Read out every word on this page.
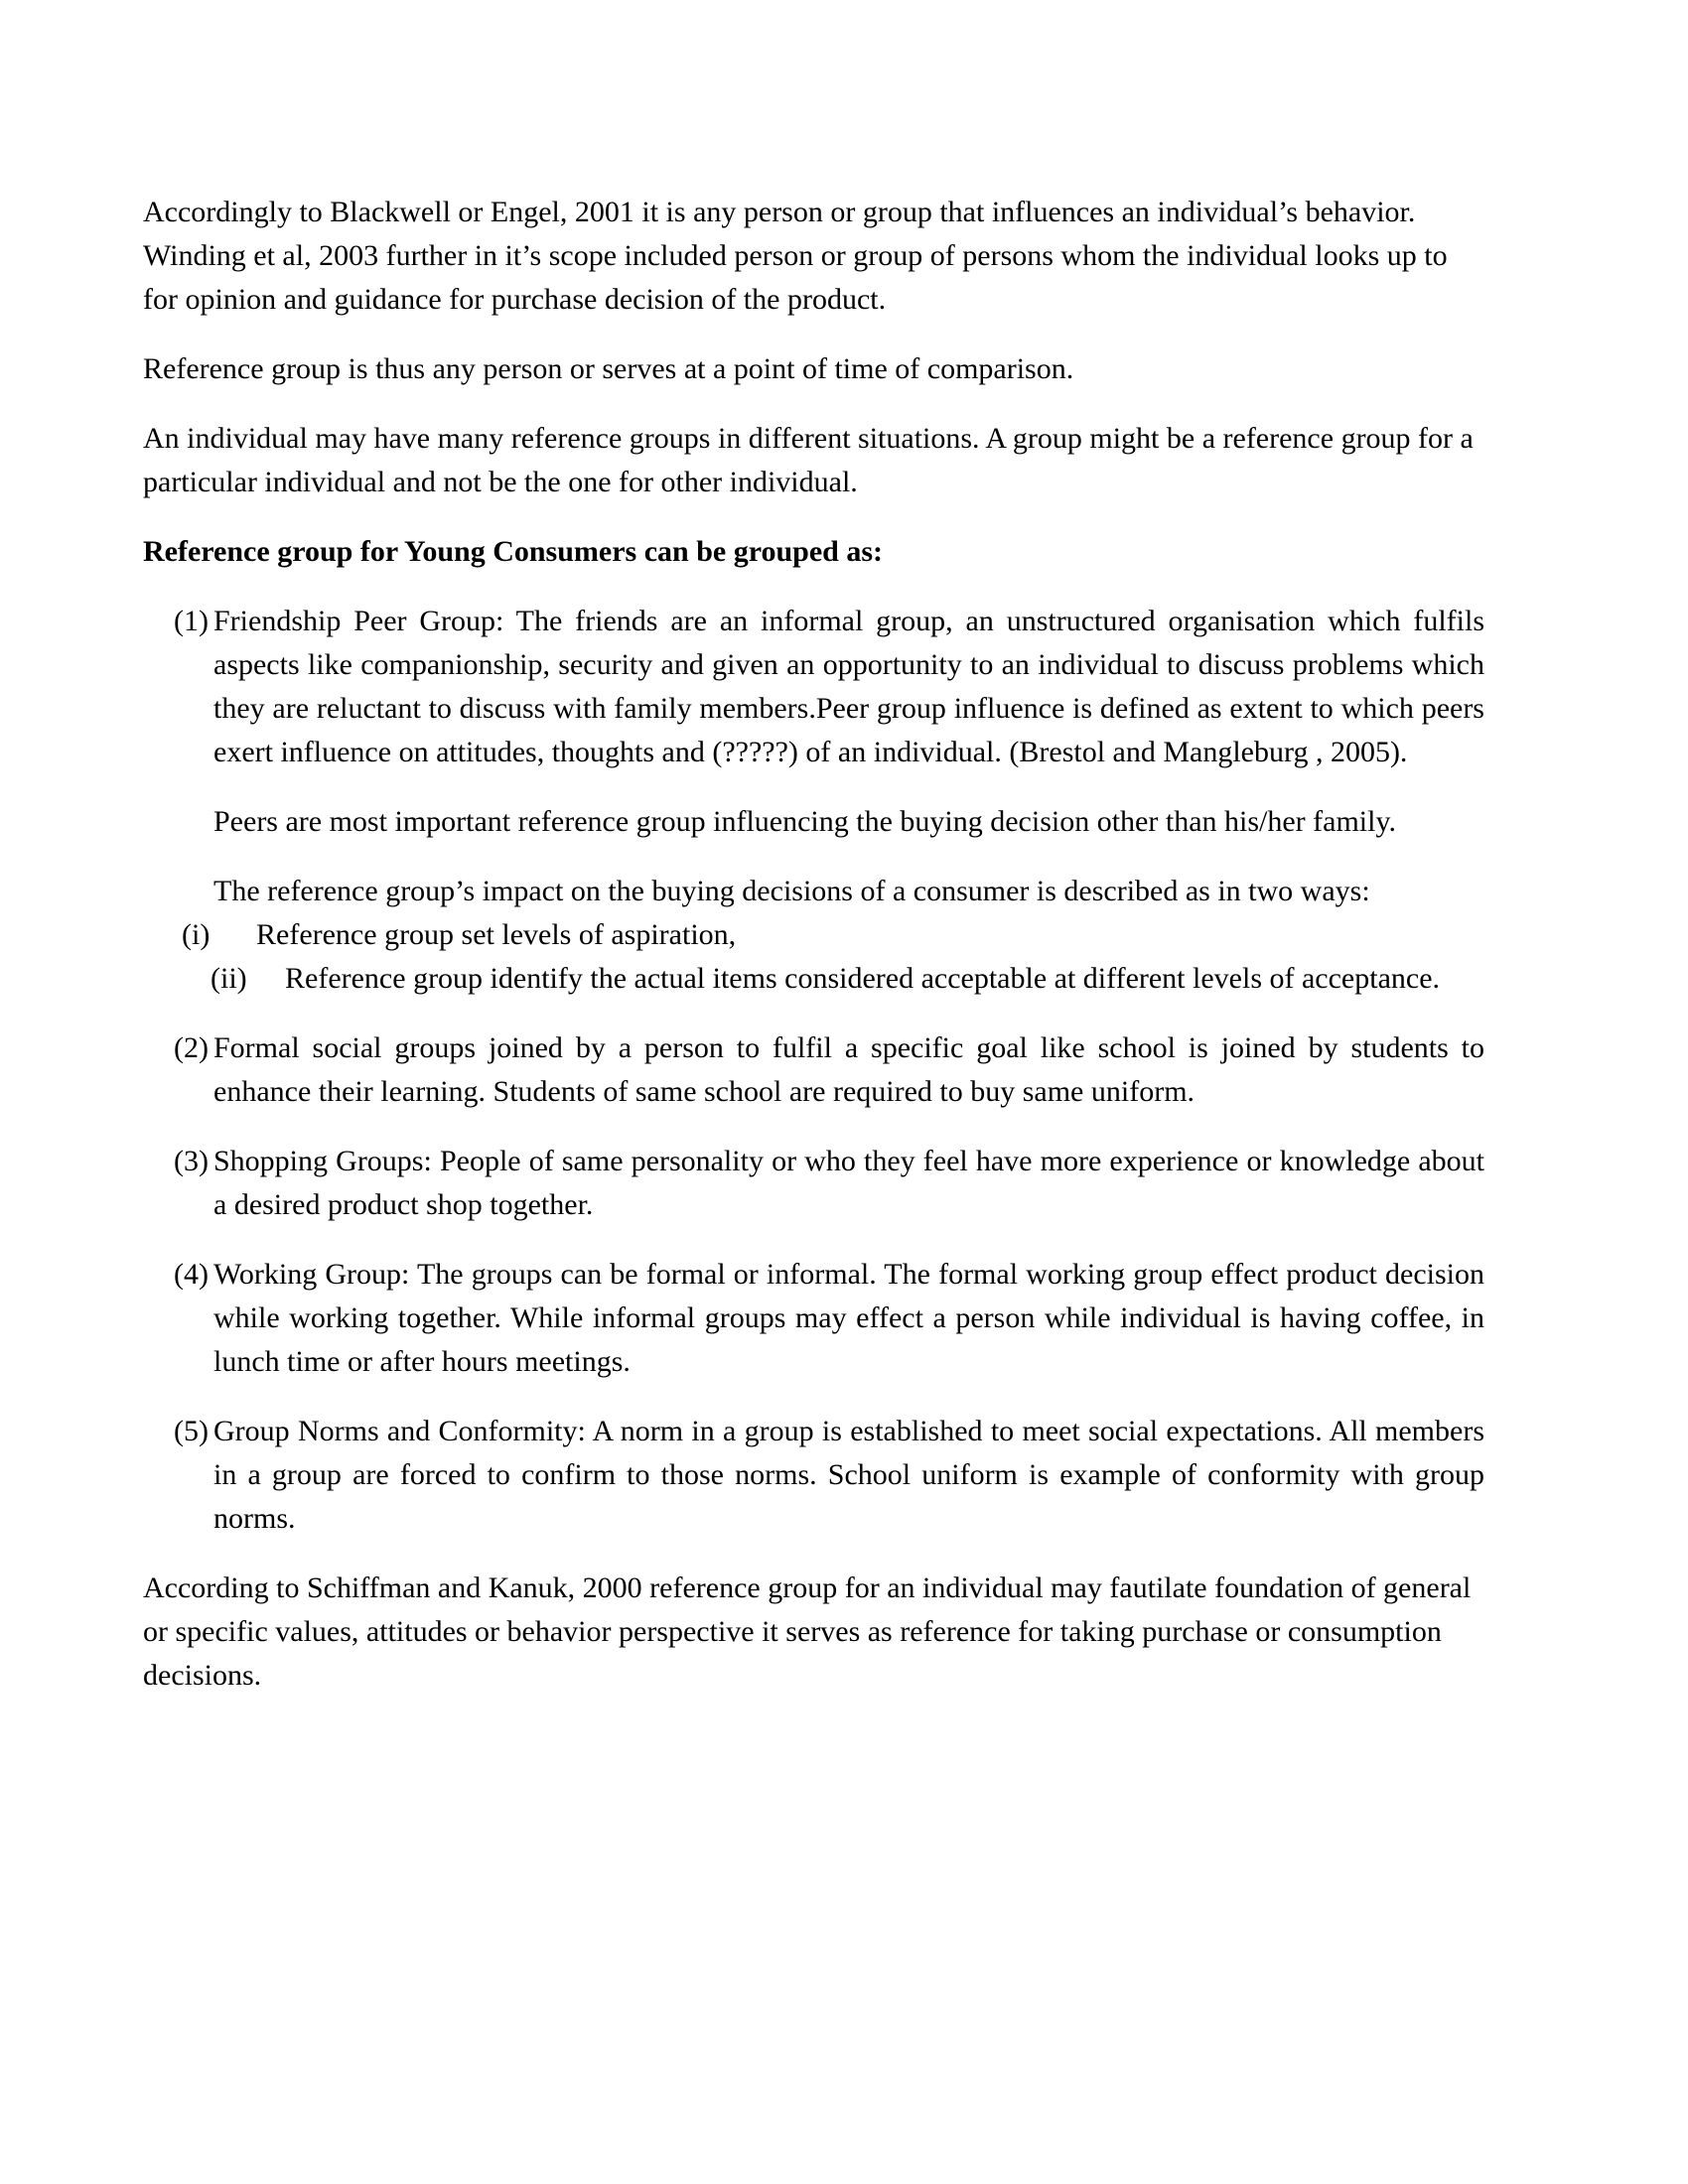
Accordingly to Blackwell or Engel, 2001 it is any person or group that influences an individual’s behavior. Winding et al, 2003 further in it’s scope included person or group of persons whom the individual looks up to for opinion and guidance for purchase decision of the product.

Reference group is thus any person or serves at a point of time of comparison.

An individual may have many reference groups in different situations. A group might be a reference group for a particular individual and not be the one for other individual.

Reference group for Young Consumers can be grouped as:

(1) Friendship Peer Group: The friends are an informal group, an unstructured organisation which fulfils aspects like companionship, security and given an opportunity to an individual to discuss problems which they are reluctant to discuss with family members.Peer group influence is defined as extent to which peers exert influence on attitudes, thoughts and (?????) of an individual. (Brestol and Mangleburg , 2005).

Peers are most important reference group influencing the buying decision other than his/her family.

The reference group’s impact on the buying decisions of a consumer is described as in two ways:

(i)	Reference group set levels of aspiration,
(ii)	Reference group identify the actual items considered acceptable at different levels of acceptance.
(2) Formal social groups joined by a person to fulfil a specific goal like school is joined by students to enhance their learning. Students of same school are required to buy same uniform.
(3) Shopping Groups: People of same personality or who they feel have more experience or knowledge about a desired product shop together.
(4) Working Group: The groups can be formal or informal. The formal working group effect product decision while working together. While informal groups may effect a person while individual is having coffee, in lunch time or after hours meetings.
(5) Group Norms and Conformity: A norm in a group is established to meet social expectations. All members in a group are forced to confirm to those norms. School uniform is example of conformity with group norms.

According to Schiffman and Kanuk, 2000 reference group for an individual may fautilate foundation of general or specific values, attitudes or behavior perspective it serves as reference for taking purchase or consumption decisions.
